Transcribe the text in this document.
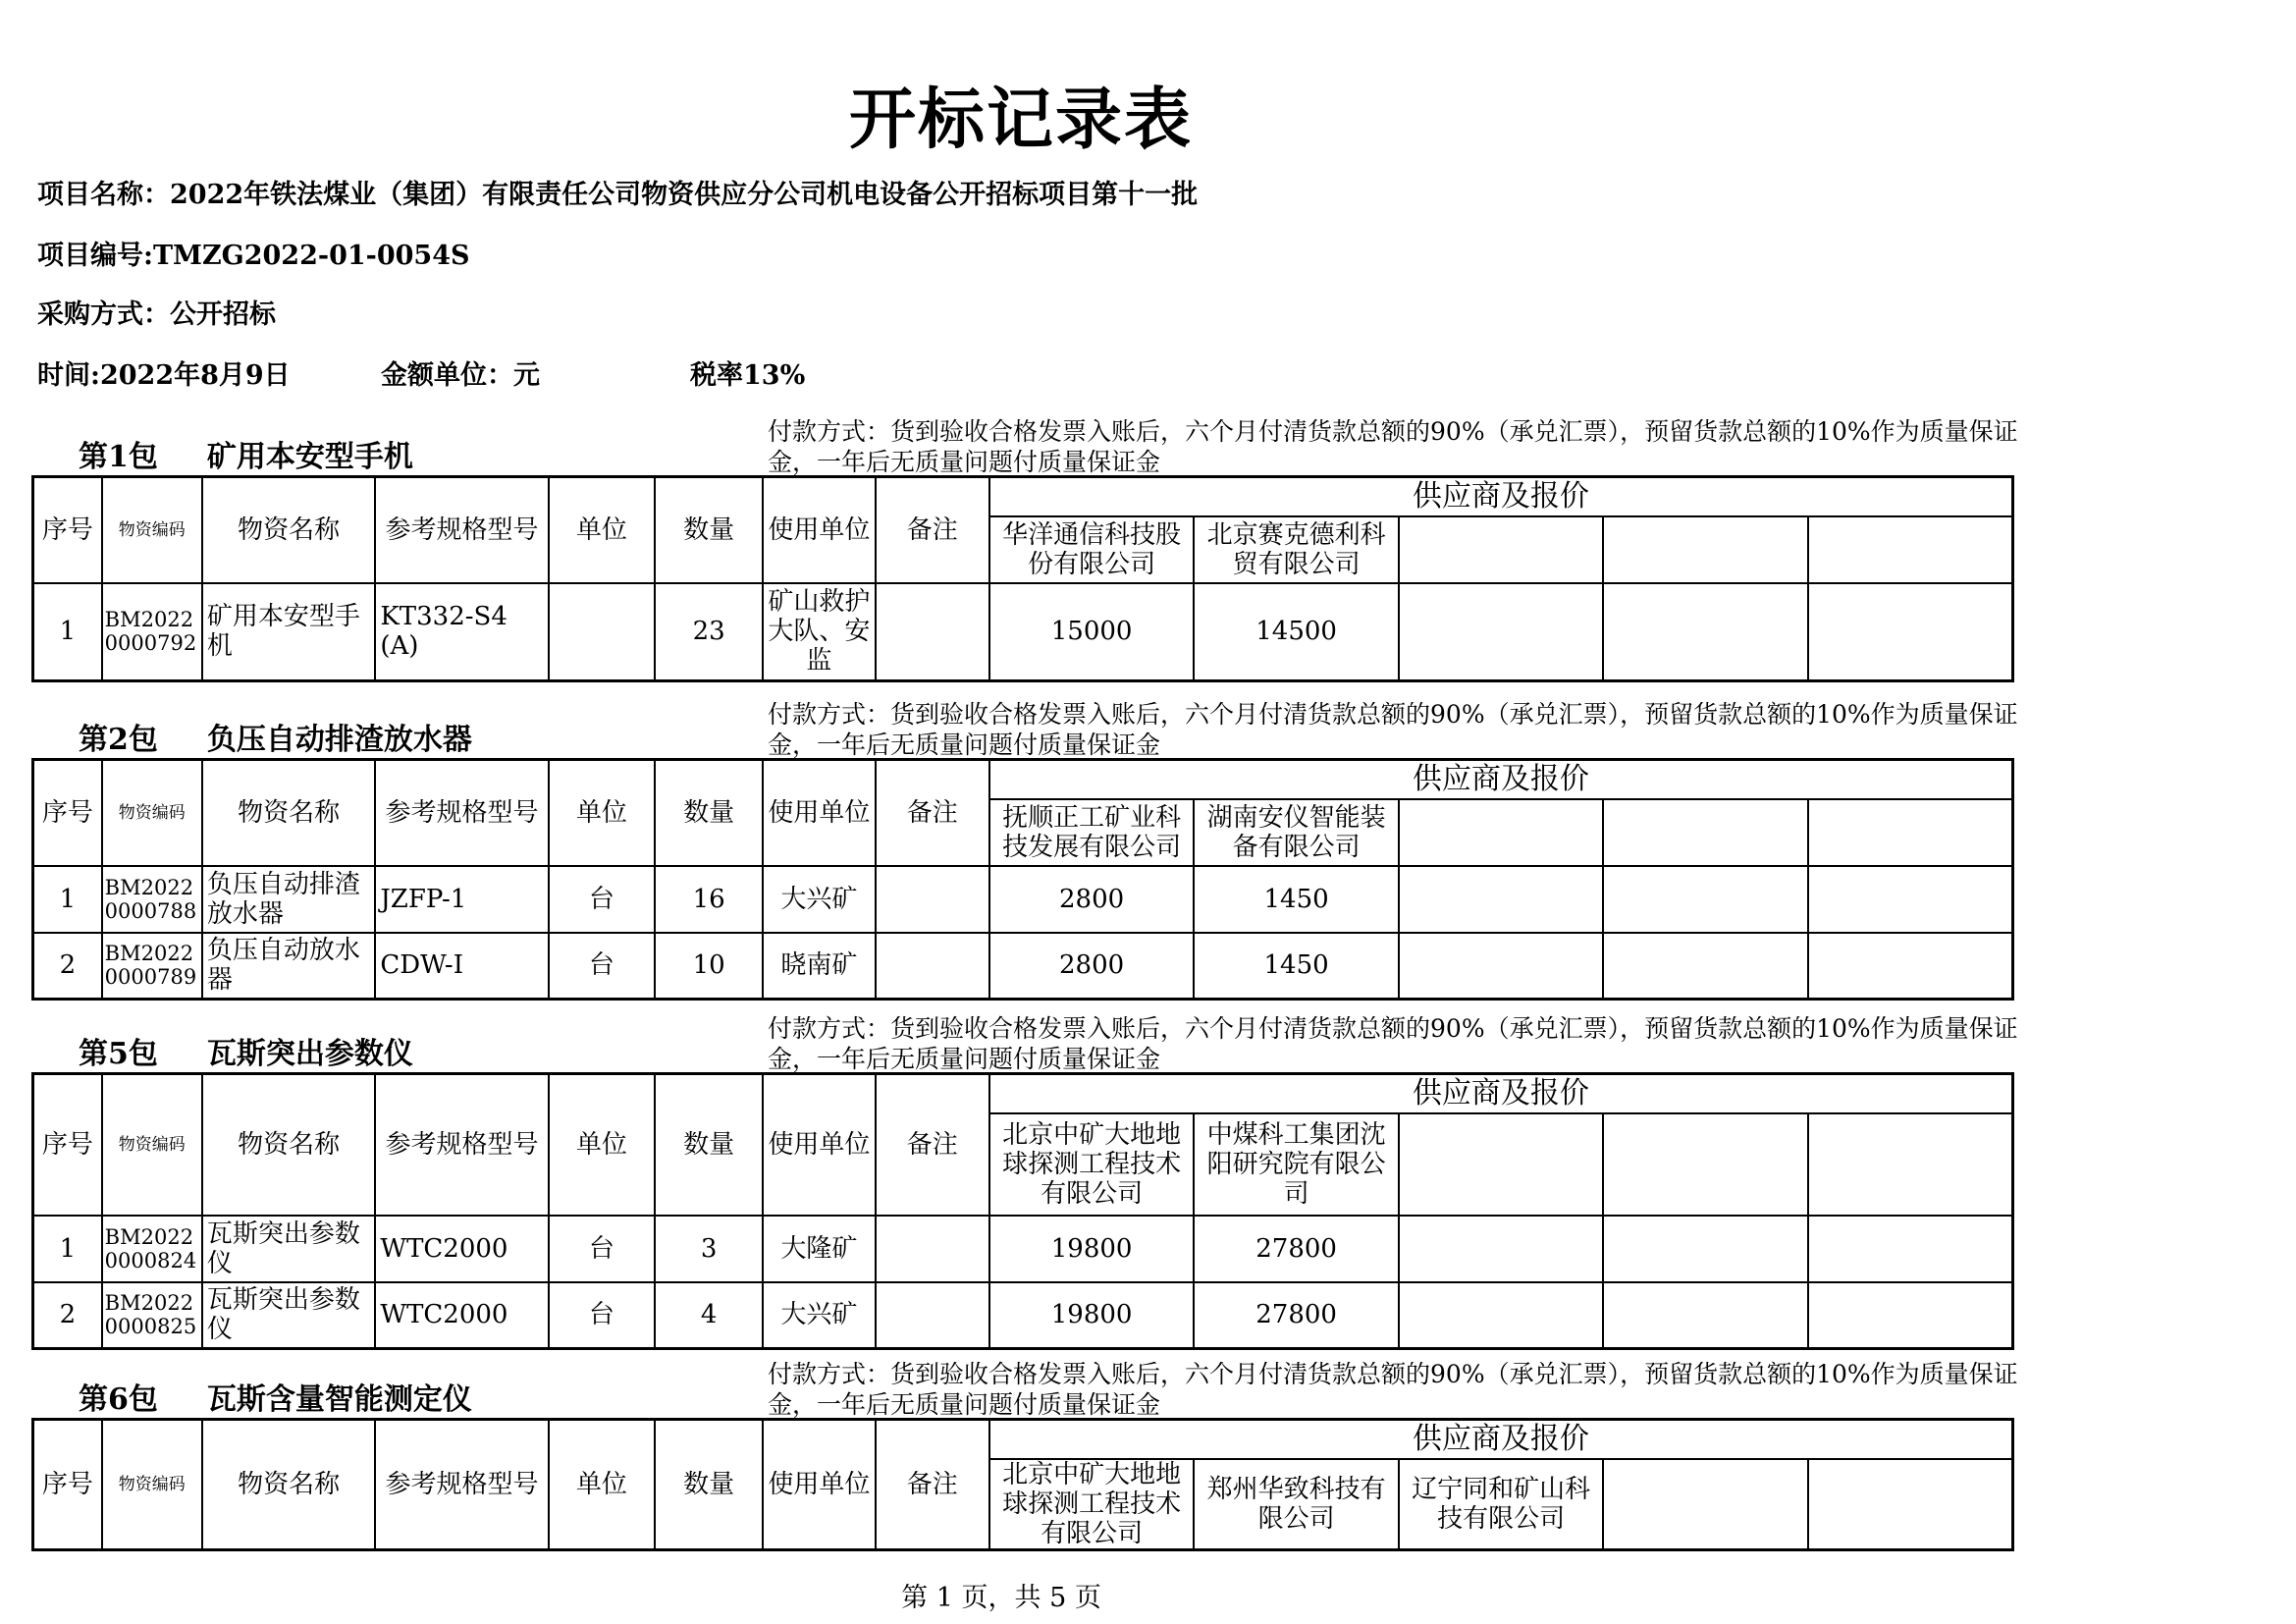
开标记录表
项目名称：2022年铁法煤业（集团）有限责任公司物资供应分公司机电设备公开招标项目第十一批
项目编号:TMZG2022-01-0054S
采购方式：公开招标
时间:2022年8月9日	金额单位：元	税率13%
第1包 矿用本安型手机
付款方式：货到验收合格发票入账后，六个月付清货款总额的90%（承兑汇票），预留货款总额的10%作为质量保证金，一年后无质量问题付质量保证金
序号	物资编码	物资名称	参考规格型号	单位	数量	使用单位	备注	供应商及报价				
								华洋通信科技股份有限公司	北京赛克德利科贸有限公司			
1	BM20220000792	矿用本安型手机	KT332-S4(A)		23	矿山救护大队、安监		15000	14500			
第2包 负压自动排渣放水器
付款方式：货到验收合格发票入账后，六个月付清货款总额的90%（承兑汇票），预留货款总额的10%作为质量保证金，一年后无质量问题付质量保证金
序号	物资编码	物资名称	参考规格型号	单位	数量	使用单位	备注	供应商及报价				
								抚顺正工矿业科技发展有限公司	湖南安仪智能装备有限公司			
1	BM20220000788	负压自动排渣放水器	JZFP-1	台	16	大兴矿		2800	1450			
2	BM20220000789	负压自动放水器	CDW-Ⅰ	台	10	晓南矿		2800	1450			
第5包 瓦斯突出参数仪
付款方式：货到验收合格发票入账后，六个月付清货款总额的90%（承兑汇票），预留货款总额的10%作为质量保证金，一年后无质量问题付质量保证金
序号	物资编码	物资名称	参考规格型号	单位	数量	使用单位	备注	供应商及报价				
								北京中矿大地地球探测工程技术有限公司	中煤科工集团沈阳研究院有限公司			
1	BM20220000824	瓦斯突出参数仪	WTC2000	台	3	大隆矿		19800	27800			
2	BM20220000825	瓦斯突出参数仪	WTC2000	台	4	大兴矿		19800	27800			
第6包 瓦斯含量智能测定仪
付款方式：货到验收合格发票入账后，六个月付清货款总额的90%（承兑汇票），预留货款总额的10%作为质量保证金，一年后无质量问题付质量保证金
序号	物资编码	物资名称	参考规格型号	单位	数量	使用单位	备注	供应商及报价				
								北京中矿大地地球探测工程技术有限公司	郑州华致科技有限公司	辽宁同和矿山科技有限公司		
第 1 页，共 5 页
